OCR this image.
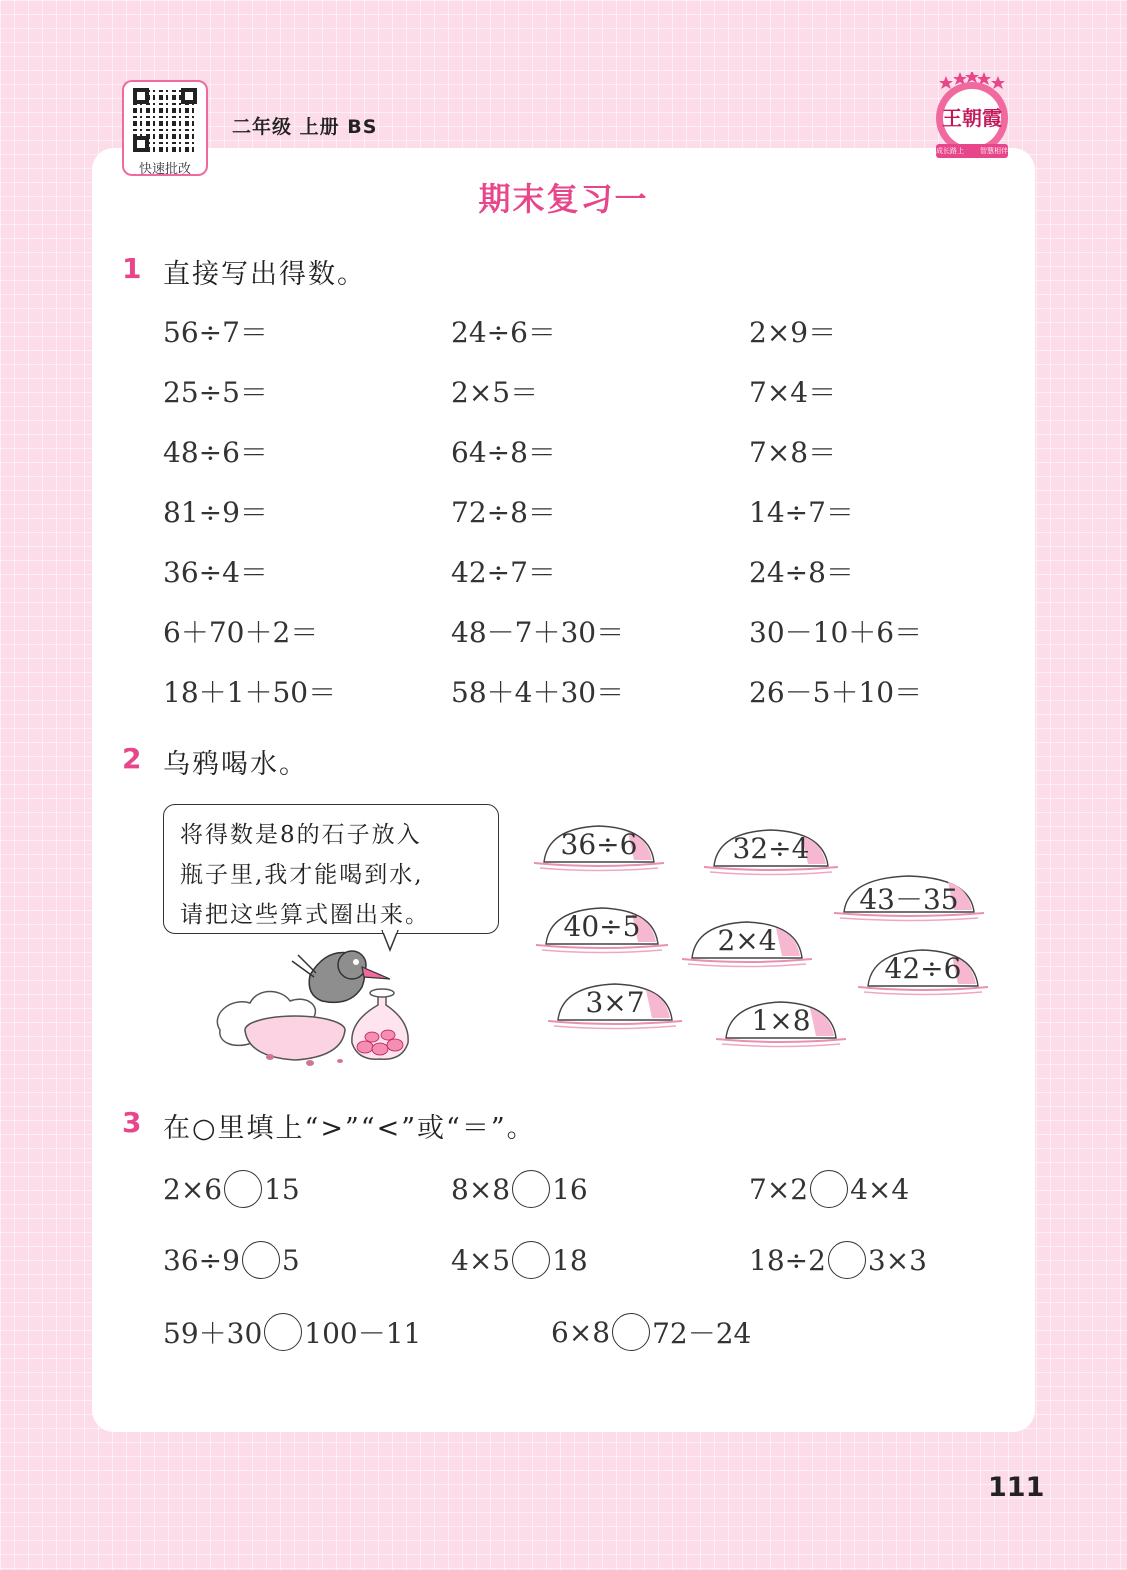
快速批改
二年级 上册 BS	王朝霞
成长路上 智慧相伴
期末复习一
1 直接写出得数。
56÷7＝	24÷6＝	2×9＝
25÷5＝	2×5＝	7×4＝
48÷6＝	64÷8＝	7×8＝
81÷9＝	72÷8＝	14÷7＝
36÷4＝	42÷7＝	24÷8＝
6＋70＋2＝	48－7＋30＝	30－10＋6＝
18＋1＋50＝	58＋4＋30＝	26－5＋10＝
2 乌鸦喝水。
将得数是8的石子放入
瓶子里,我才能喝到水,
请把这些算式圈出来。
36÷6	32÷4
43－35
40÷5	2×4
42÷6
3×7
1×8
3 在○里填上“>”“<”或“＝”。
2×6 15	8×8 16	7×2 4×4
36÷9 5	4×5 18	18÷2 3×3
59＋30 100－11	6×8 72－24
111
